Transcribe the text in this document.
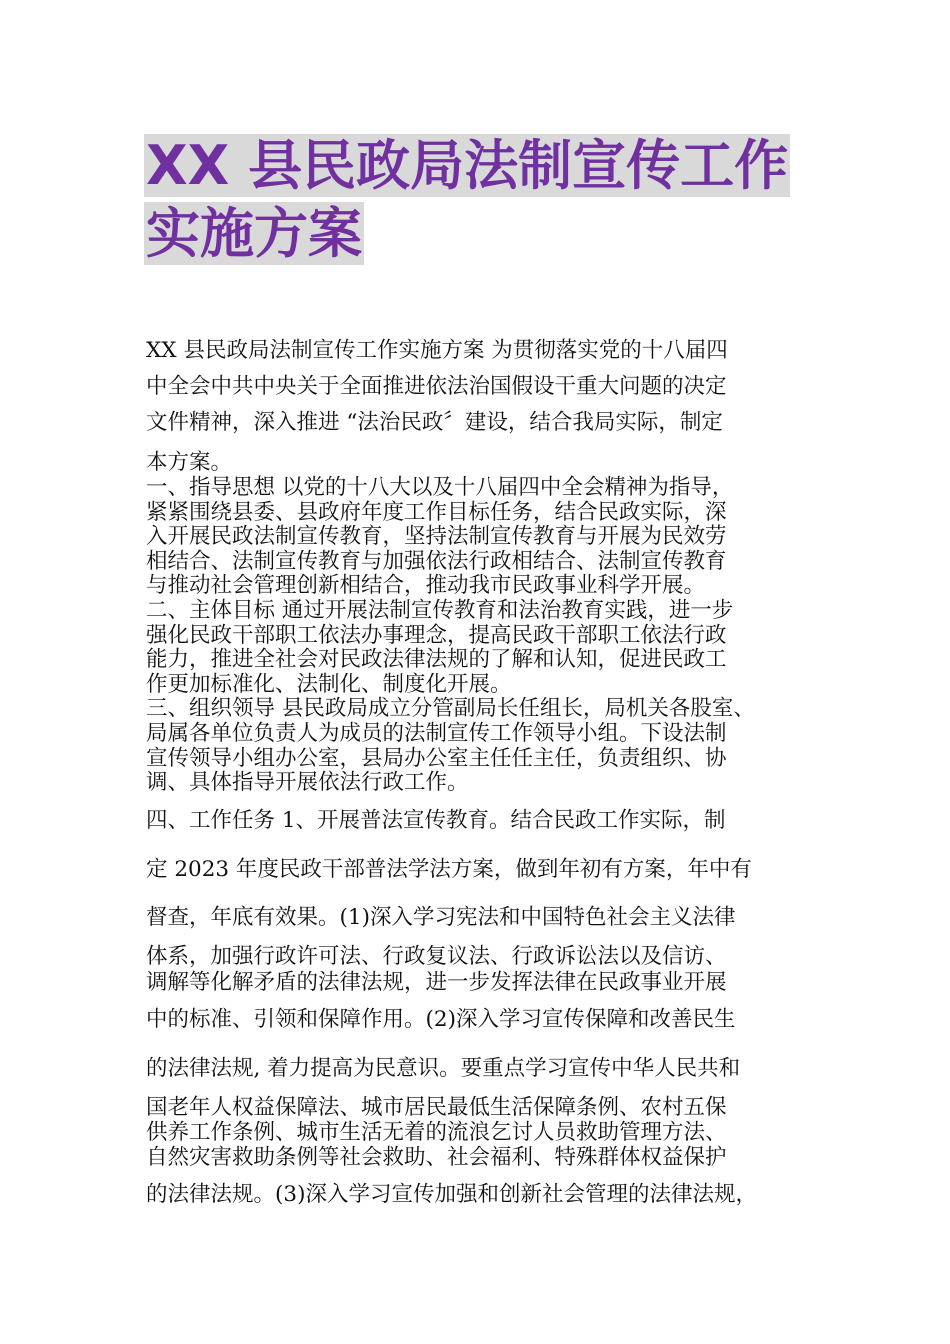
XX 县民政局法制宣传工作
实施方案

XX 县民政局法制宣传工作实施方案 为贯彻落实党的十八届四

中全会中共中央关于全面推进依法治国假设干重大问题的决定

文件精神，深入推进 “法治民政〞建设，结合我局实际，制定

本方案。

一、指导思想 以党的十八大以及十八届四中全会精神为指导，

紧紧围绕县委、县政府年度工作目标任务，结合民政实际，深

入开展民政法制宣传教育，坚持法制宣传教育与开展为民效劳

相结合、法制宣传教育与加强依法行政相结合、法制宣传教育

与推动社会管理创新相结合，推动我市民政事业科学开展。

二、主体目标 通过开展法制宣传教育和法治教育实践，进一步

强化民政干部职工依法办事理念，提高民政干部职工依法行政

能力，推进全社会对民政法律法规的了解和认知，促进民政工

作更加标准化、法制化、制度化开展。

三、组织领导 县民政局成立分管副局长任组长，局机关各股室、

局属各单位负责人为成员的法制宣传工作领导小组。下设法制

宣传领导小组办公室，县局办公室主任任主任，负责组织、协

调、具体指导开展依法行政工作。

四、工作任务 1、开展普法宣传教育。结合民政工作实际，制

定 2023 年度民政干部普法学法方案，做到年初有方案，年中有

督查，年底有效果。(1)深入学习宪法和中国特色社会主义法律

体系，加强行政许可法、行政复议法、行政诉讼法以及信访、

调解等化解矛盾的法律法规，进一步发挥法律在民政事业开展

中的标准、引领和保障作用。(2)深入学习宣传保障和改善民生

的法律法规, 着力提高为民意识。要重点学习宣传中华人民共和

国老年人权益保障法、城市居民最低生活保障条例、农村五保

供养工作条例、城市生活无着的流浪乞讨人员救助管理方法、

自然灾害救助条例等社会救助、社会福利、特殊群体权益保护

的法律法规。(3)深入学习宣传加强和创新社会管理的法律法规，
